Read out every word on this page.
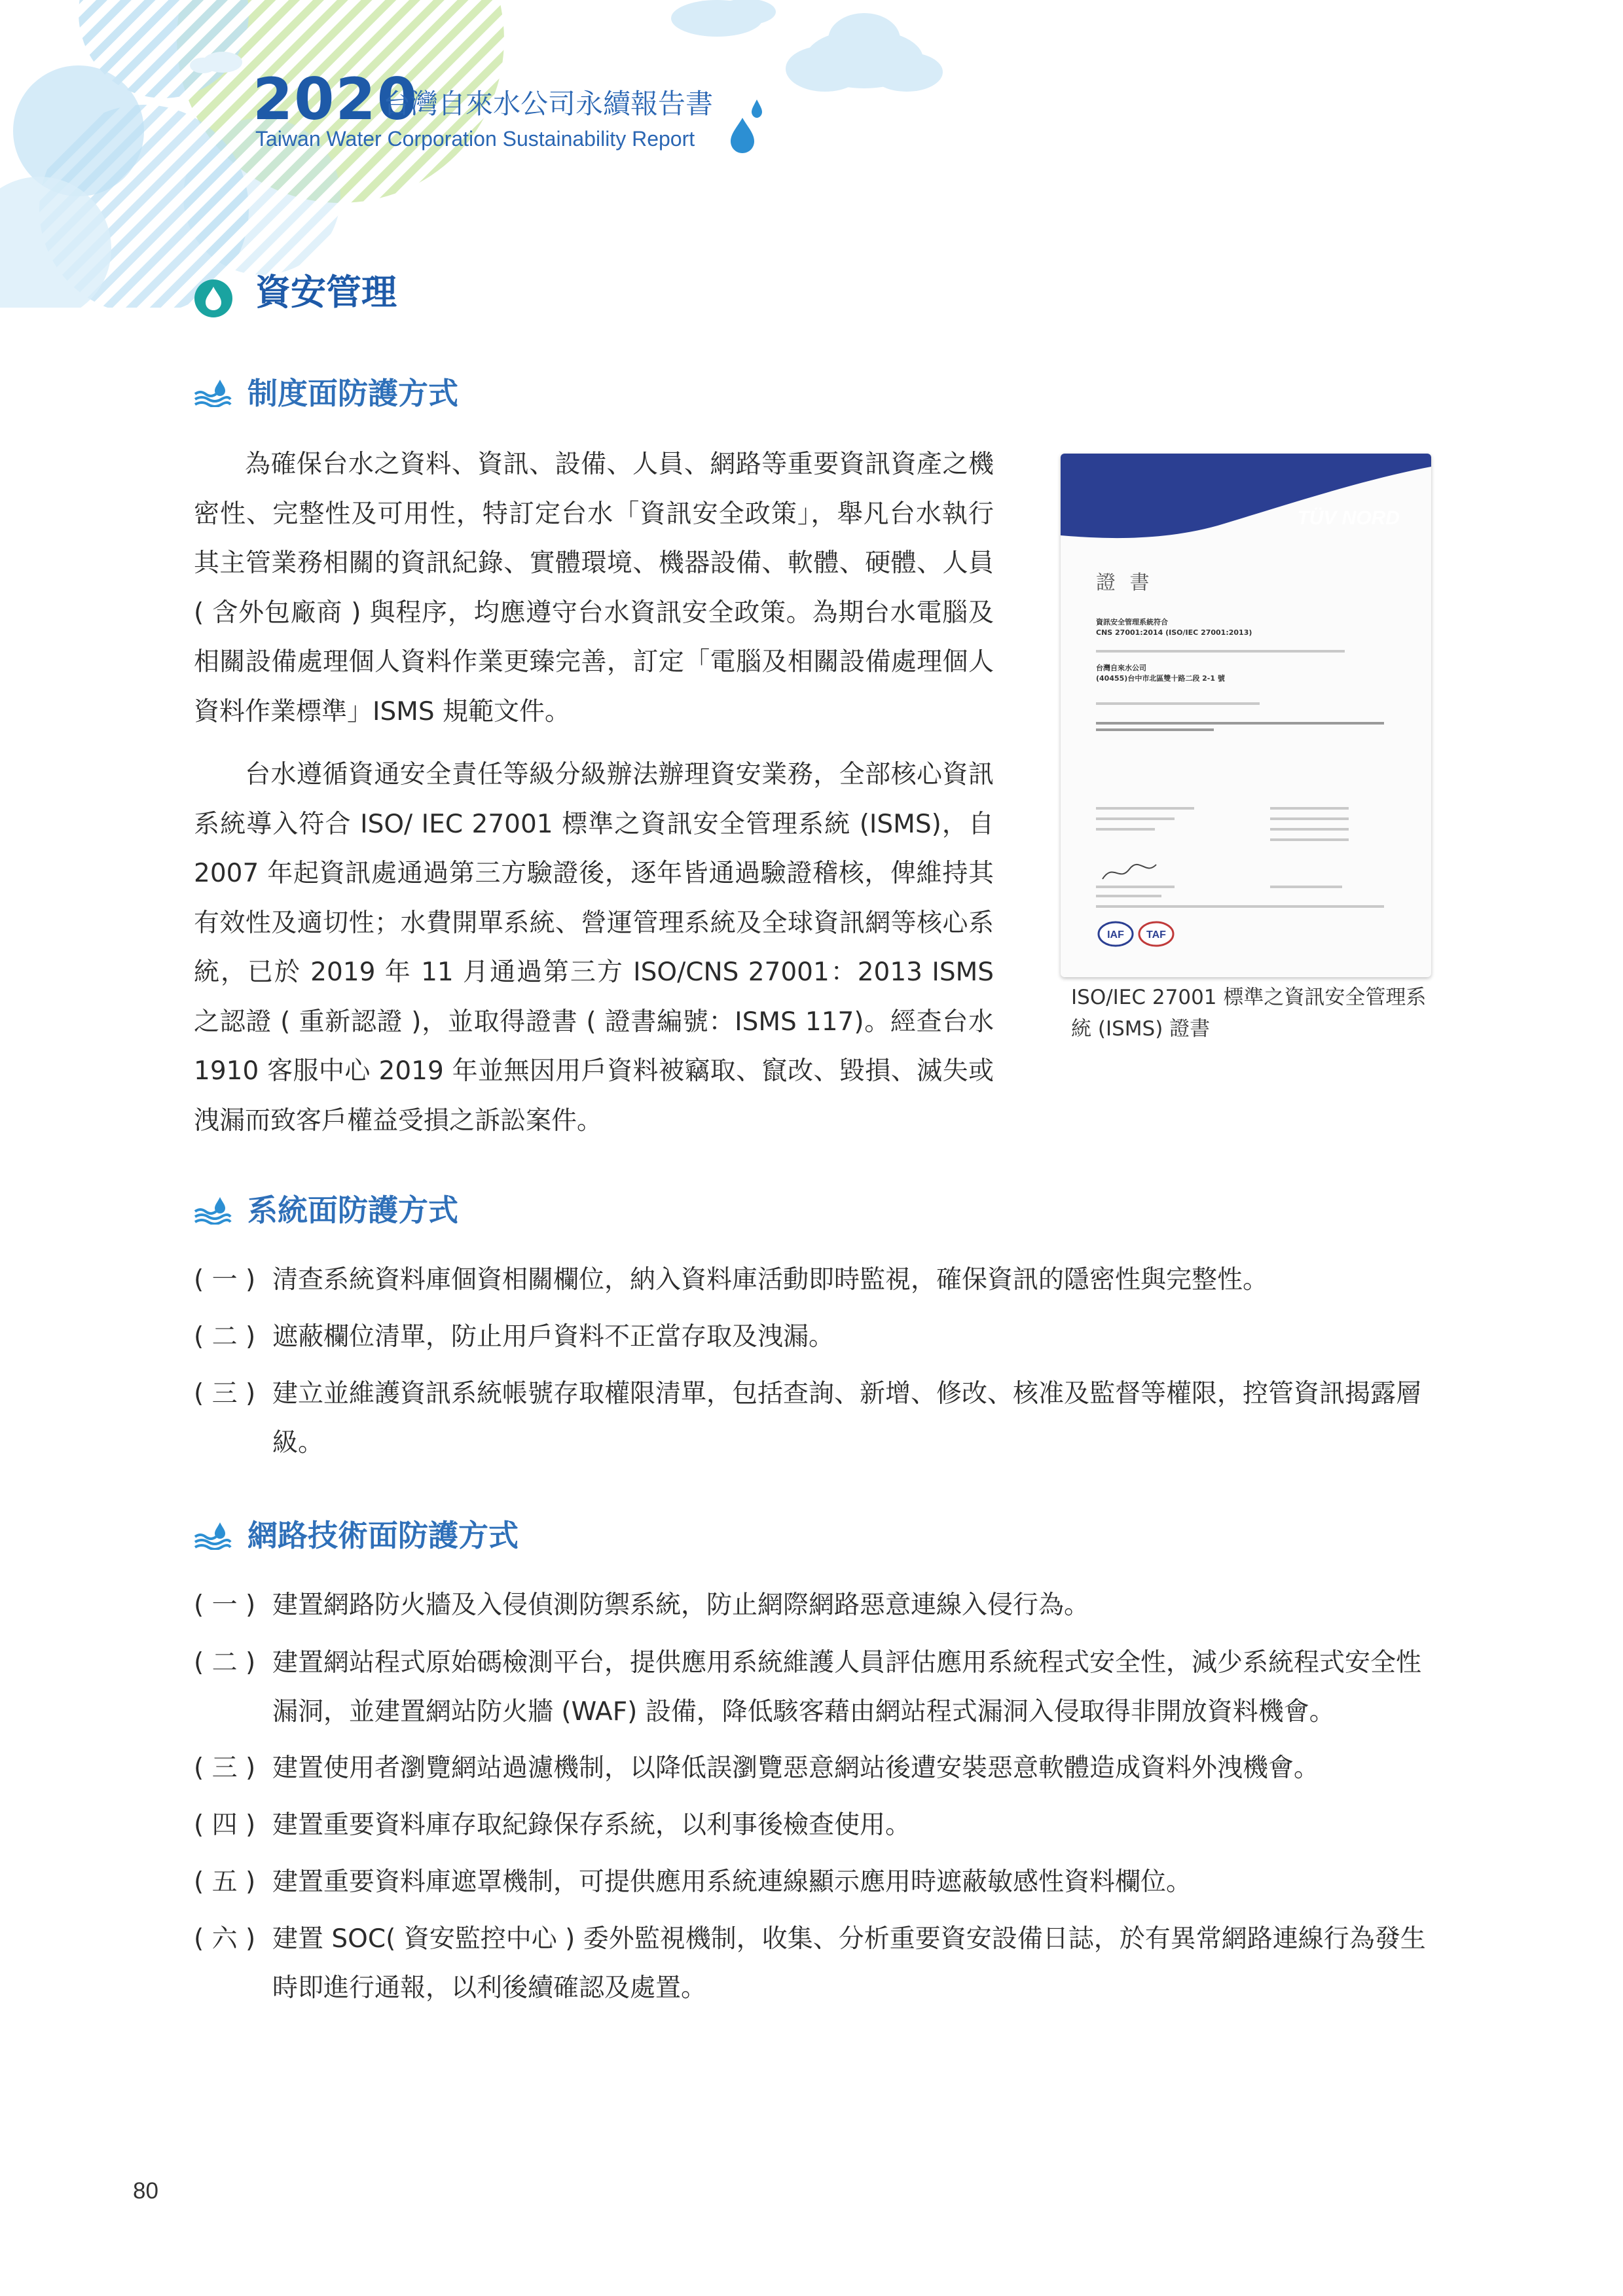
2020
台灣自來水公司永續報告書
Taiwan Water Corporation Sustainability Report
資安管理
制度面防護方式

為確保台水之資料、資訊、設備、人員、網路等重要資訊資產之機密性、完整性及可用性，特訂定台水「資訊安全政策」，舉凡台水執行其主管業務相關的資訊紀錄、實體環境、機器設備、軟體、硬體、人員 ( 含外包廠商 ) 與程序，均應遵守台水資訊安全政策。為期台水電腦及相關設備處理個人資料作業更臻完善，訂定「電腦及相關設備處理個人資料作業標準」ISMS 規範文件。

台水遵循資通安全責任等級分級辦法辦理資安業務，全部核心資訊系統導入符合 ISO/ IEC 27001 標準之資訊安全管理系統 (ISMS)，自 2007 年起資訊處通過第三方驗證後，逐年皆通過驗證稽核，俾維持其有效性及適切性；水費開單系統、營運管理系統及全球資訊網等核心系統，已於 2019 年 11 月通過第三方 ISO/CNS 27001：2013 ISMS 之認證 ( 重新認證 )，並取得證書 ( 證書編號：ISMS 117)。經查台水 1910 客服中心 2019 年並無因用戶資料被竊取、竄改、毀損、滅失或洩漏而致客戶權益受損之訴訟案件。

TÜV NORD
證 書
資訊安全管理系統符合
CNS 27001:2014 (ISO/IEC 27001:2013)
台灣自來水公司
(40455)台中市北區雙十路二段 2-1 號
IAF TAF
ISO/IEC 27001 標準之資訊安全管理系統 (ISMS) 證書
系統面防護方式
( 一 ) 清查系統資料庫個資相關欄位，納入資料庫活動即時監視，確保資訊的隱密性與完整性。
( 二 ) 遮蔽欄位清單，防止用戶資料不正當存取及洩漏。
( 三 ) 建立並維護資訊系統帳號存取權限清單，包括查詢、新增、修改、核准及監督等權限，控管資訊揭露層級。
網路技術面防護方式
( 一 ) 建置網路防火牆及入侵偵測防禦系統，防止網際網路惡意連線入侵行為。
( 二 ) 建置網站程式原始碼檢測平台，提供應用系統維護人員評估應用系統程式安全性，減少系統程式安全性漏洞，並建置網站防火牆 (WAF) 設備，降低駭客藉由網站程式漏洞入侵取得非開放資料機會。
( 三 ) 建置使用者瀏覽網站過濾機制，以降低誤瀏覽惡意網站後遭安裝惡意軟體造成資料外洩機會。
( 四 ) 建置重要資料庫存取紀錄保存系統，以利事後檢查使用。
( 五 ) 建置重要資料庫遮罩機制，可提供應用系統連線顯示應用時遮蔽敏感性資料欄位。
( 六 ) 建置 SOC( 資安監控中心 ) 委外監視機制，收集、分析重要資安設備日誌，於有異常網路連線行為發生時即進行通報，以利後續確認及處置。
80
